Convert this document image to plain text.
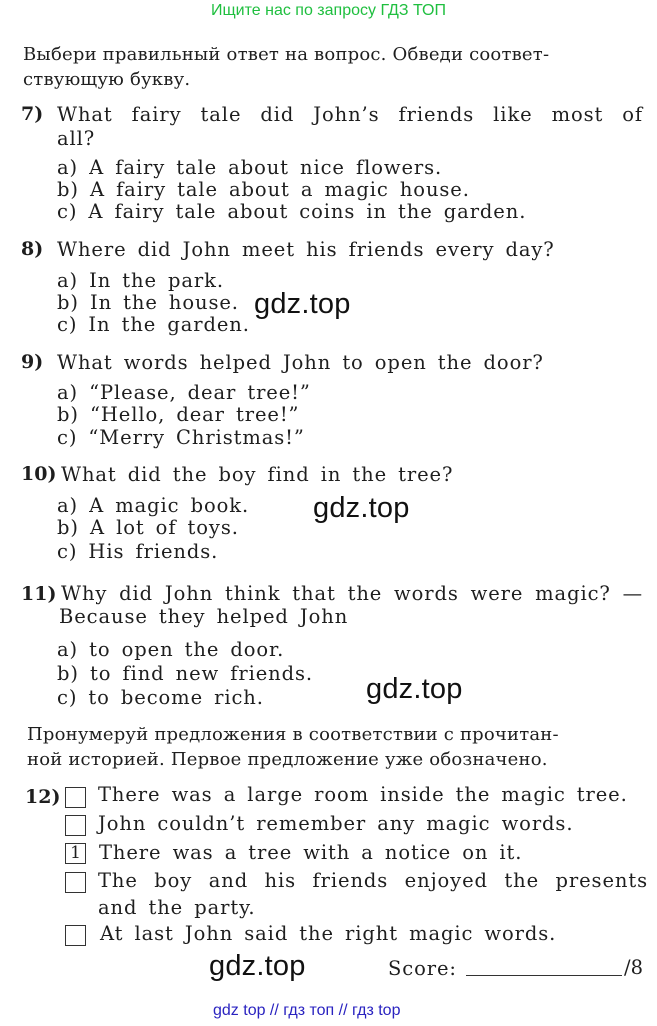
Ищите нас по запросу ГДЗ ТОП
Выбери правильный ответ на вопрос. Обведи соответ-
ствующую букву.
7) What fairy tale did John’s friends like most of
all?
a) A fairy tale about nice flowers.
b) A fairy tale about a magic house.
c) A fairy tale about coins in the garden.
8) Where did John meet his friends every day?
a) In the park.
b) In the house.
c) In the garden.
9) What words helped John to open the door?
a) “Please, dear tree!”
b) “Hello, dear tree!”
c) “Merry Christmas!”
10) What did the boy find in the tree?
a) A magic book.
b) A lot of toys.
c) His friends.
11) Why did John think that the words were magic? —
Because they helped John
a) to open the door.
b) to find new friends.
c) to become rich.
Пронумеруй предложения в соответствии с прочитан-
ной историей. Первое предложение уже обозначено.
12) There was a large room inside the magic tree.
John couldn’t remember any magic words.
1 There was a tree with a notice on it.
The boy and his friends enjoyed the presents
and the party.
At last John said the right magic words.
gdz.top
gdz.top
gdz.top
gdz.top	Score:	/8
gdz top // гдз топ // гдз top
